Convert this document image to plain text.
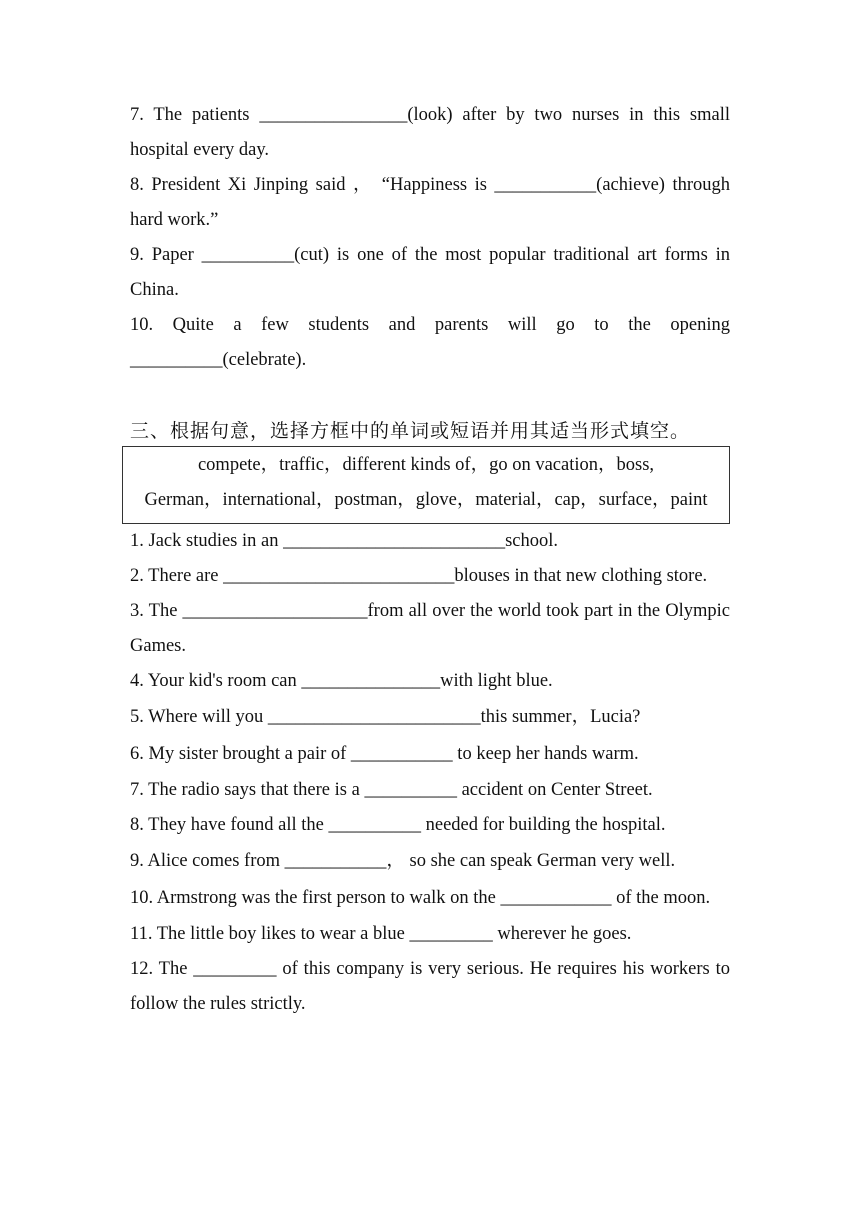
7. The patients ________________(look) after by two nurses in this small hospital every day.

8. President Xi Jinping said ， “Happiness is ___________(achieve) through hard work.”

9. Paper __________(cut) is one of the most popular traditional art forms in China.

10. Quite a few students and parents will go to the opening __________(celebrate).

三、根据句意，选择方框中的单词或短语并用其适当形式填空。

compete，traffic，different kinds of，go on vacation，boss,
German，international，postman，glove，material，cap，surface，paint

1. Jack studies in an ________________________school.

2. There are _________________________blouses in that new clothing store.

3. The ____________________from all over the world took part in the Olympic Games.

4. Your kid's room can _______________with light blue.

5. Where will you _______________________this summer，Lucia?

6. My sister brought a pair of ___________ to keep her hands warm.

7. The radio says that there is a __________ accident on Center Street.

8. They have found all the __________ needed for building the hospital.

9. Alice comes from ___________， so she can speak German very well.

10. Armstrong was the first person to walk on the ____________ of the moon.

11. The little boy likes to wear a blue _________ wherever he goes.

12. The _________ of this company is very serious. He requires his workers to follow the rules strictly.
